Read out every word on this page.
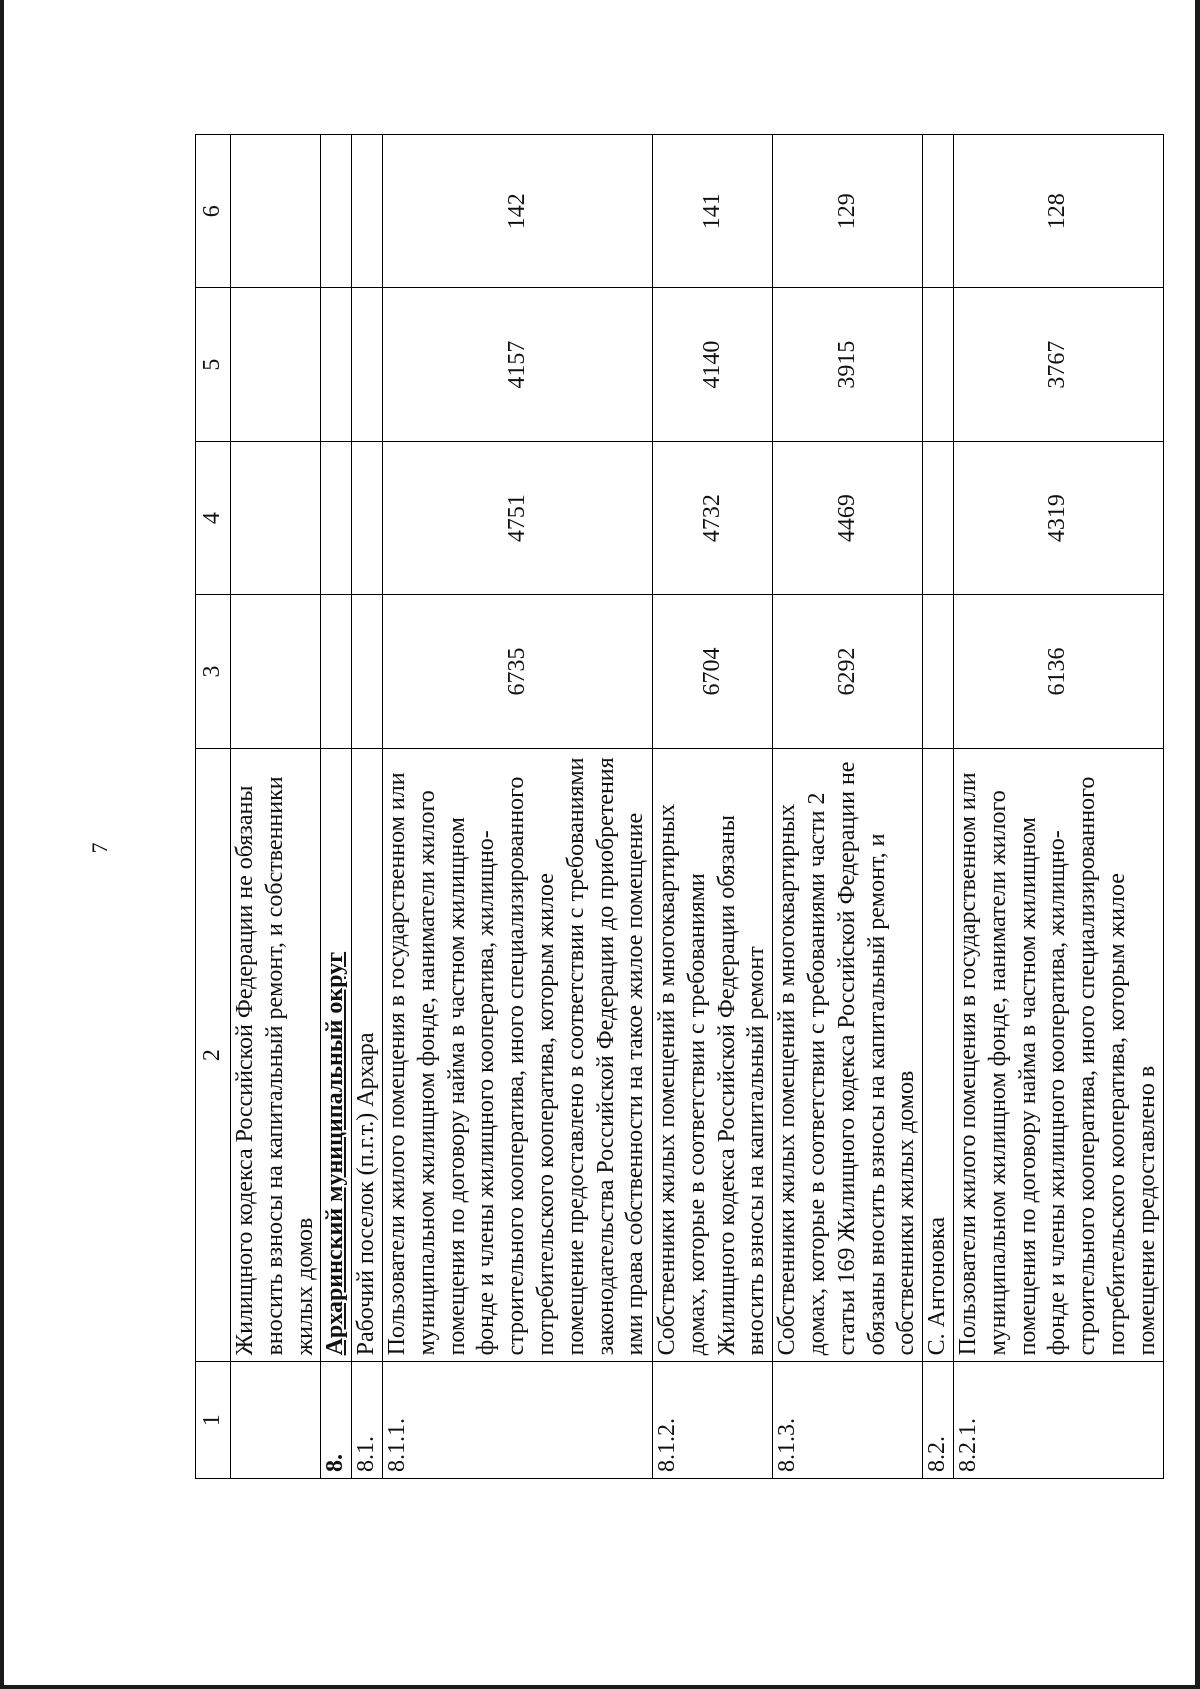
7
1	2	3	4	5	6

	Жилищного кодекса Российской Федерации не обязаны вносить взносы на капитальный ремонт, и собственники жилых домов				

8.	Архаринский муниципальный округ				

8.1.	Рабочий поселок (п.г.т.) Архара				

8.1.1.	Пользователи жилого помещения в государственном или муниципальном жилищном фонде, наниматели жилого помещения по договору найма в частном жилищном фонде и члены жилищного кооператива, жилищно-строительного кооператива, иного специализированного потребительского кооператива, которым жилое помещение предоставлено в соответствии с требованиями законодательства Российской Федерации до приобретения ими права собственности на такое жилое помещение	6735	4751	4157	142
8.1.2.	Собственники жилых помещений в многоквартирных домах, которые в соответствии с требованиями Жилищного кодекса Российской Федерации обязаны вносить взносы на капитальный ремонт	6704	4732	4140	141
8.1.3.	Собственники жилых помещений в многоквартирных домах, которые в соответствии с требованиями части 2 статьи 169 Жилищного кодекса Российской Федерации не обязаны вносить взносы на капитальный ремонт, и собственники жилых домов	6292	4469	3915	129
8.2.	С. Антоновка				

8.2.1.	Пользователи жилого помещения в государственном или муниципальном жилищном фонде, наниматели жилого помещения по договору найма в частном жилищном фонде и члены жилищного кооператива, жилищно-строительного кооператива, иного специализированного потребительского кооператива, которым жилое помещение предоставлено в	6136	4319	3767	128
